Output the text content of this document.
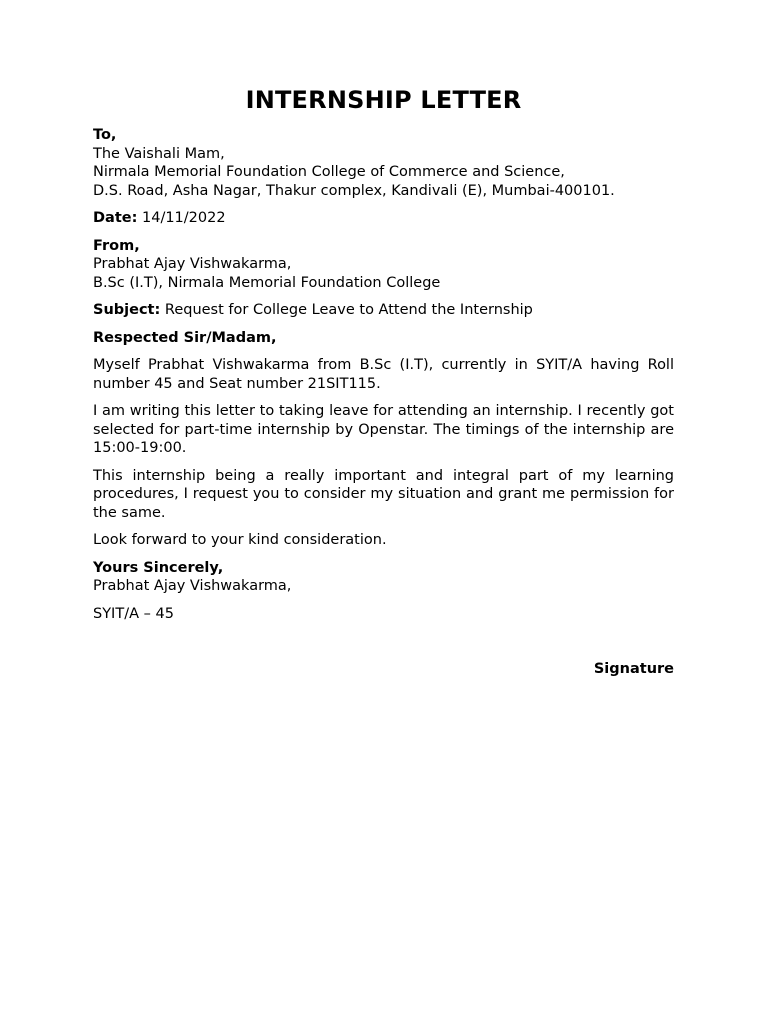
INTERNSHIP LETTER
To,
The Vaishali Mam,
Nirmala Memorial Foundation College of Commerce and Science,
D.S. Road, Asha Nagar, Thakur complex, Kandivali (E), Mumbai-400101.
Date: 14/11/2022
From,
Prabhat Ajay Vishwakarma,
B.Sc (I.T), Nirmala Memorial Foundation College
Subject: Request for College Leave to Attend the Internship
Respected Sir/Madam,
Myself Prabhat Vishwakarma from B.Sc (I.T), currently in SYIT/A having Roll number 45 and Seat number 21SIT115.
I am writing this letter to taking leave for attending an internship. I recently got selected for part-time internship by Openstar. The timings of the internship are 15:00-19:00.
This internship being a really important and integral part of my learning procedures, I request you to consider my situation and grant me permission for the same.
Look forward to your kind consideration.
Yours Sincerely,
Prabhat Ajay Vishwakarma,
SYIT/A – 45
Signature
